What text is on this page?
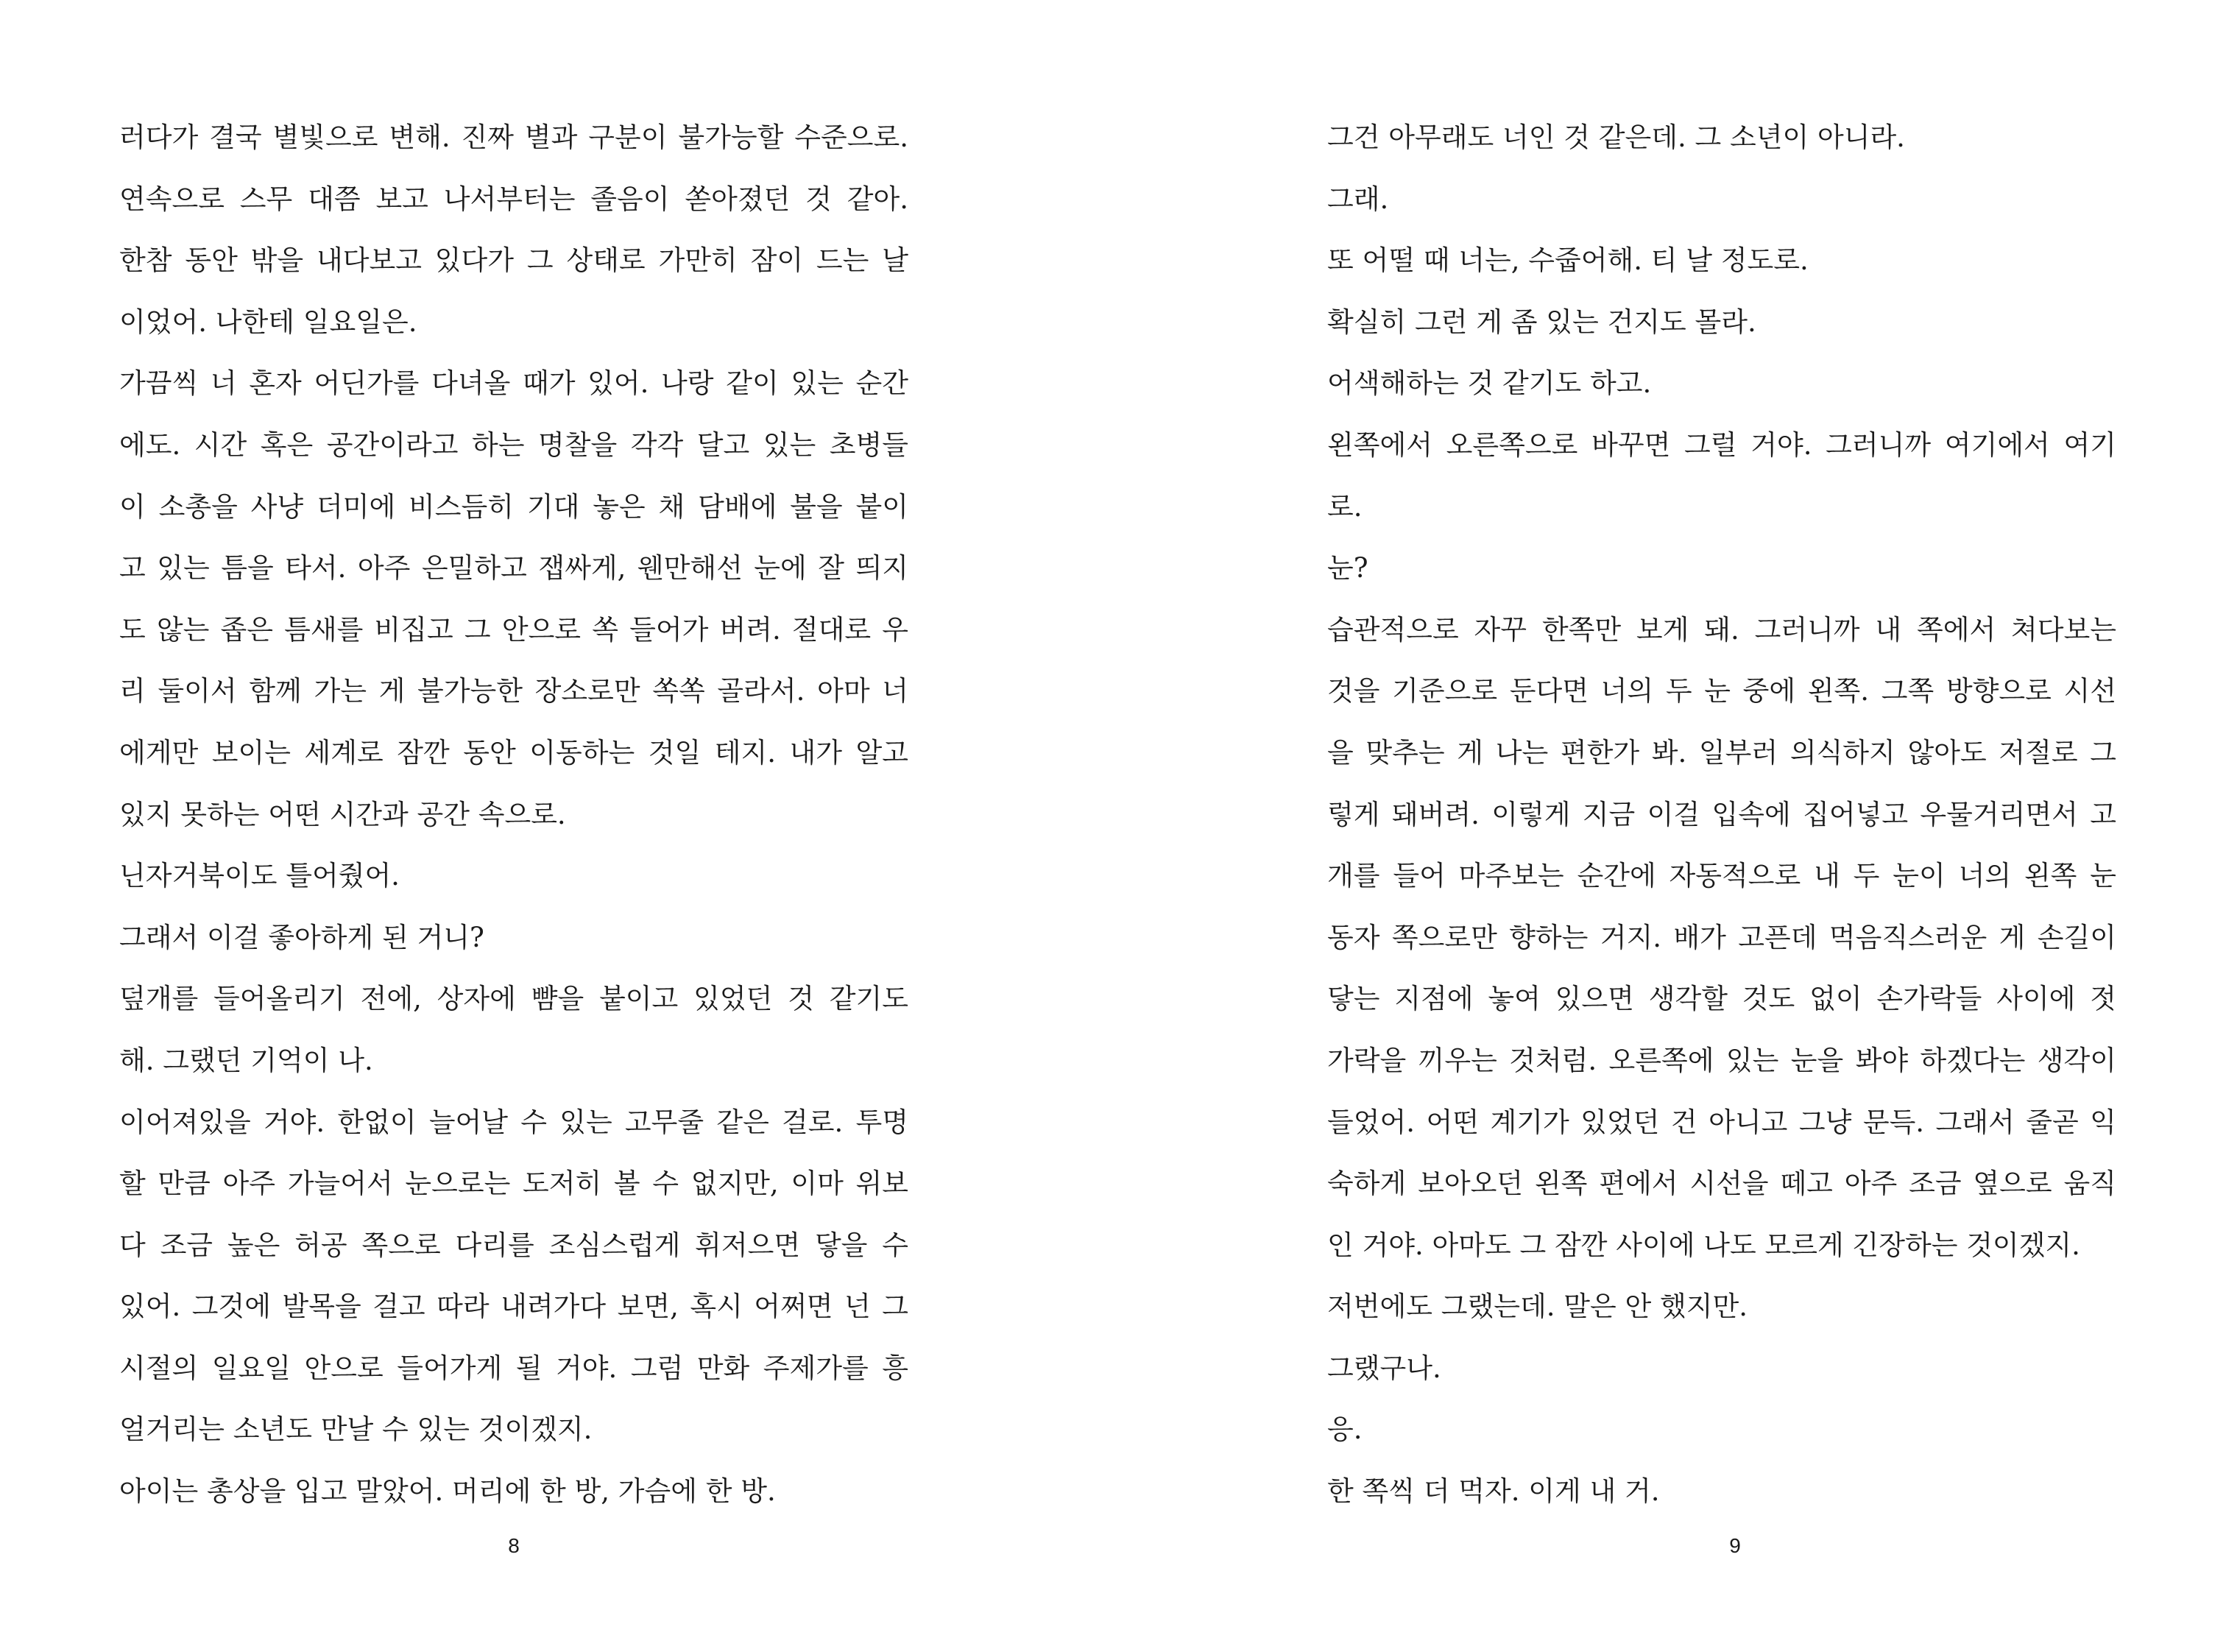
러다가 결국 별빛으로 변해. 진짜 별과 구분이 불가능할 수준으로.
연속으로 스무 대쯤 보고 나서부터는 졸음이 쏟아졌던 것 같아.
한참 동안 밖을 내다보고 있다가 그 상태로 가만히 잠이 드는 날
이었어. 나한테 일요일은.
가끔씩 너 혼자 어딘가를 다녀올 때가 있어. 나랑 같이 있는 순간
에도. 시간 혹은 공간이라고 하는 명찰을 각각 달고 있는 초병들
이 소총을 사냥 더미에 비스듬히 기대 놓은 채 담배에 불을 붙이
고 있는 틈을 타서. 아주 은밀하고 잽싸게, 웬만해선 눈에 잘 띄지
도 않는 좁은 틈새를 비집고 그 안으로 쏙 들어가 버려. 절대로 우
리 둘이서 함께 가는 게 불가능한 장소로만 쏙쏙 골라서. 아마 너
에게만 보이는 세계로 잠깐 동안 이동하는 것일 테지. 내가 알고
있지 못하는 어떤 시간과 공간 속으로.
닌자거북이도 틀어줬어.
그래서 이걸 좋아하게 된 거니?
덮개를 들어올리기 전에, 상자에 뺨을 붙이고 있었던 것 같기도
해. 그랬던 기억이 나.
이어져있을 거야. 한없이 늘어날 수 있는 고무줄 같은 걸로. 투명
할 만큼 아주 가늘어서 눈으로는 도저히 볼 수 없지만, 이마 위보
다 조금 높은 허공 쪽으로 다리를 조심스럽게 휘저으면 닿을 수
있어. 그것에 발목을 걸고 따라 내려가다 보면, 혹시 어쩌면 넌 그
시절의 일요일 안으로 들어가게 될 거야. 그럼 만화 주제가를 흥
얼거리는 소년도 만날 수 있는 것이겠지.
아이는 총상을 입고 말았어. 머리에 한 방, 가슴에 한 방.
8
그건 아무래도 너인 것 같은데. 그 소년이 아니라.
그래.
또 어떨 때 너는, 수줍어해. 티 날 정도로.
확실히 그런 게 좀 있는 건지도 몰라.
어색해하는 것 같기도 하고.
왼쪽에서 오른쪽으로 바꾸면 그럴 거야. 그러니까 여기에서 여기
로.
눈?
습관적으로 자꾸 한쪽만 보게 돼. 그러니까 내 쪽에서 쳐다보는
것을 기준으로 둔다면 너의 두 눈 중에 왼쪽. 그쪽 방향으로 시선
을 맞추는 게 나는 편한가 봐. 일부러 의식하지 않아도 저절로 그
렇게 돼버려. 이렇게 지금 이걸 입속에 집어넣고 우물거리면서 고
개를 들어 마주보는 순간에 자동적으로 내 두 눈이 너의 왼쪽 눈
동자 쪽으로만 향하는 거지. 배가 고픈데 먹음직스러운 게 손길이
닿는 지점에 놓여 있으면 생각할 것도 없이 손가락들 사이에 젓
가락을 끼우는 것처럼. 오른쪽에 있는 눈을 봐야 하겠다는 생각이
들었어. 어떤 계기가 있었던 건 아니고 그냥 문득. 그래서 줄곧 익
숙하게 보아오던 왼쪽 편에서 시선을 떼고 아주 조금 옆으로 움직
인 거야. 아마도 그 잠깐 사이에 나도 모르게 긴장하는 것이겠지.
저번에도 그랬는데. 말은 안 했지만.
그랬구나.
응.
한 쪽씩 더 먹자. 이게 내 거.
9
